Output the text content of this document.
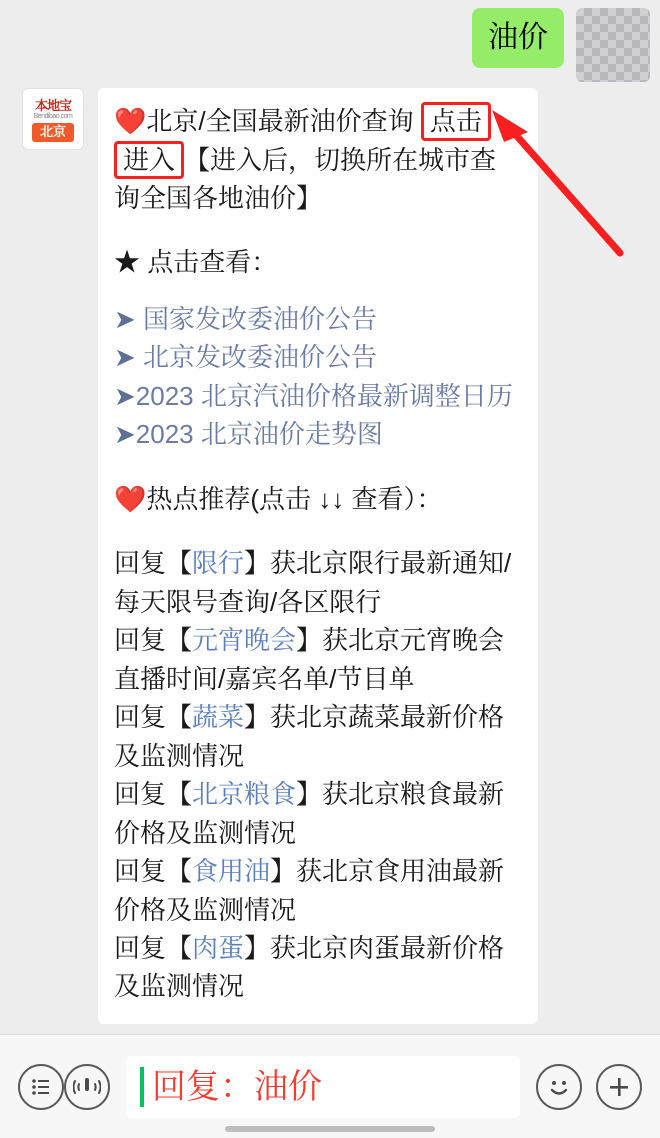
油价
本地宝
Bendibao.com
北京	❤️北京/全国最新油价查询 点击进入 【进入后，切换所在城市查询全国各地油价】
★ 点击查看：
➤ 国家发改委油价公告
➤ 北京发改委油价公告
➤2023 北京汽油价格最新调整日历
➤2023 北京油价走势图
❤️热点推荐(点击 ↓↓ 查看）：
回复【限行】获北京限行最新通知/每天限号查询/各区限行
回复【元宵晚会】获北京元宵晚会直播时间/嘉宾名单/节目单
回复【蔬菜】获北京蔬菜最新价格及监测情况
回复【北京粮食】获北京粮食最新价格及监测情况
回复【食用油】获北京食用油最新价格及监测情况
回复【肉蛋】获北京肉蛋最新价格及监测情况
回复：油价
